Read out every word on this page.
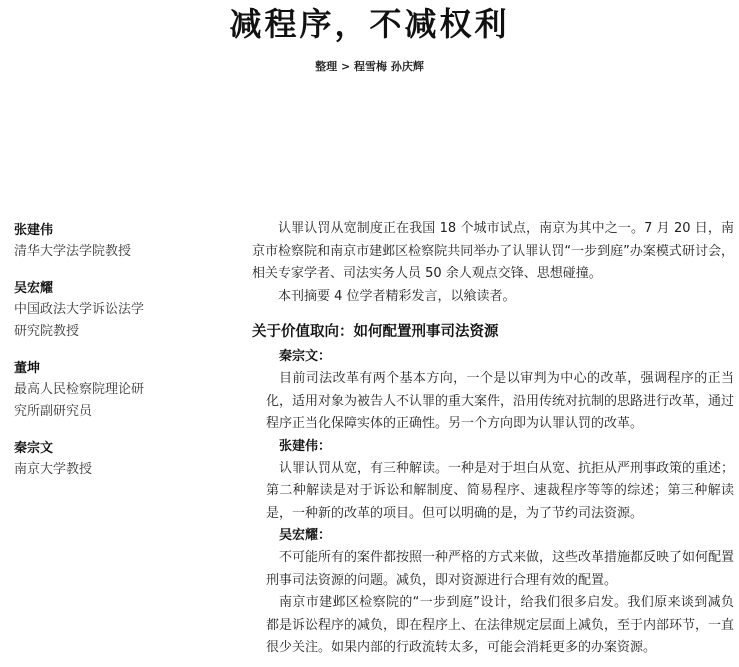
减程序，不减权利
整理 > 程雪梅 孙庆辉
张建伟
清华大学法学院教授
吴宏耀
中国政法大学诉讼法学
研究院教授
董坤
最高人民检察院理论研
究所副研究员
秦宗文
南京大学教授

认罪认罚从宽制度正在我国 18 个城市试点，南京为其中之一。7 月 20 日，南京市检察院和南京市建邺区检察院共同举办了认罪认罚“一步到庭”办案模式研讨会，相关专家学者、司法实务人员 50 余人观点交锋、思想碰撞。

本刊摘要 4 位学者精彩发言，以飨读者。

关于价值取向：如何配置刑事司法资源
秦宗文：

目前司法改革有两个基本方向，一个是以审判为中心的改革，强调程序的正当化，适用对象为被告人不认罪的重大案件，沿用传统对抗制的思路进行改革，通过程序正当化保障实体的正确性。另一个方向即为认罪认罚的改革。

张建伟：

认罪认罚从宽，有三种解读。一种是对于坦白从宽、抗拒从严刑事政策的重述；第二种解读是对于诉讼和解制度、简易程序、速裁程序等等的综述；第三种解读是，一种新的改革的项目。但可以明确的是，为了节约司法资源。

吴宏耀：

不可能所有的案件都按照一种严格的方式来做，这些改革措施都反映了如何配置刑事司法资源的问题。减负，即对资源进行合理有效的配置。

南京市建邺区检察院的“一步到庭”设计，给我们很多启发。我们原来谈到减负都是诉讼程序的减负，即在程序上、在法律规定层面上减负，至于内部环节，一直很少关注。如果内部的行政流转太多，可能会消耗更多的办案资源。
